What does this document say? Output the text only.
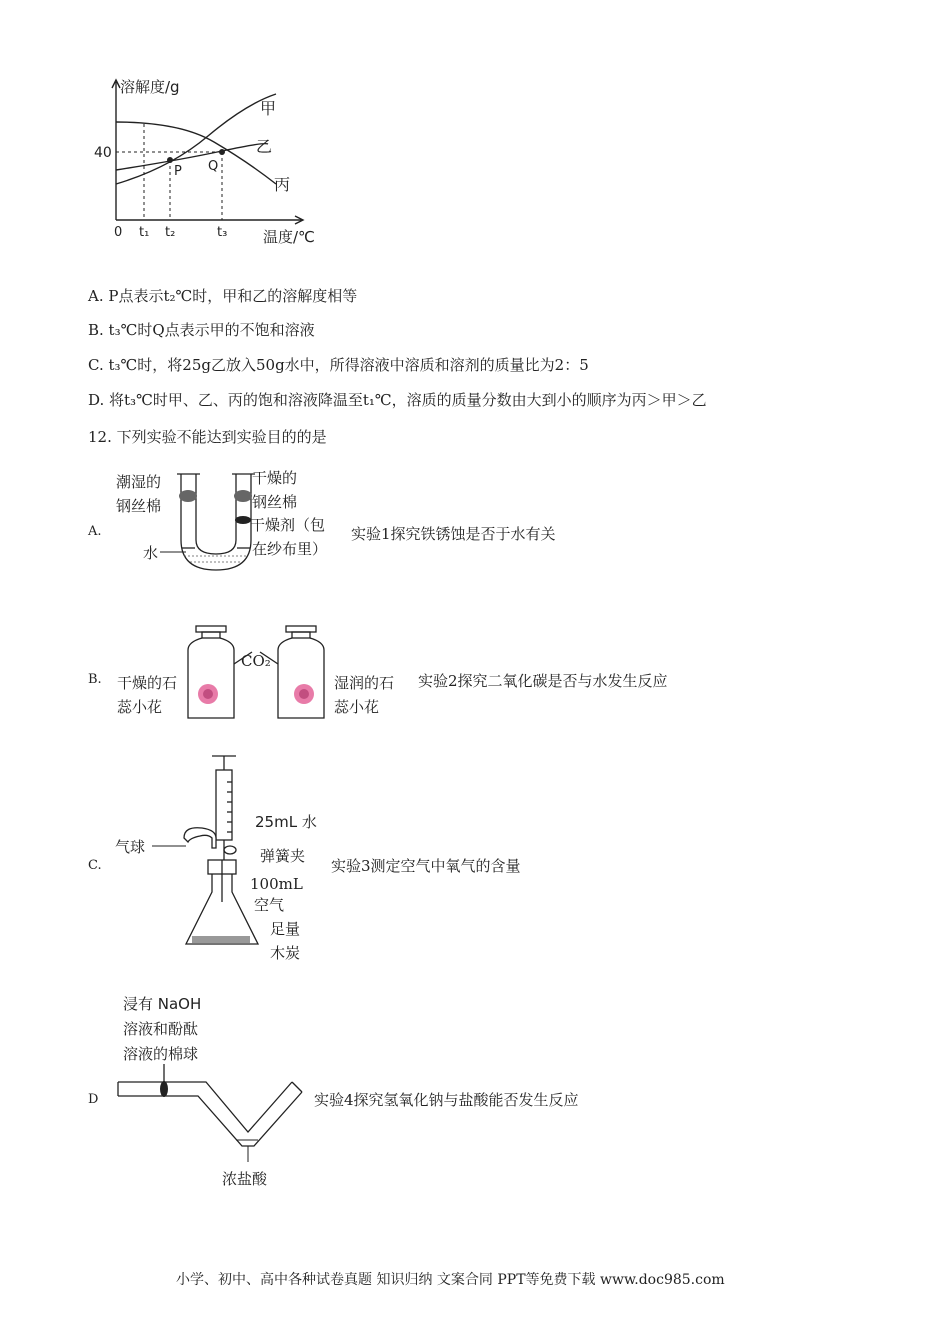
溶解度/g
温度/℃
40
0 t₁ t₂	t₃
P Q
甲
乙
丙
A. P点表示t₂℃时，甲和乙的溶解度相等
B. t₃℃时Q点表示甲的不饱和溶液
C. t₃℃时，将25g乙放入50g水中，所得溶液中溶质和溶剂的质量比为2：5
D. 将t₃℃时甲、乙、丙的饱和溶液降温至t₁℃，溶质的质量分数由大到小的顺序为丙＞甲＞乙
12. 下列实验不能达到实验目的的是
A.
潮湿的
钢丝棉
干燥的
钢丝棉
干燥剂（包
在纱布里）
水
实验1探究铁锈蚀是否于水有关
B. 干燥的石
蕊小花
CO₂
湿润的石
蕊小花
实验2探究二氧化碳是否与水发生反应
C.
25mL 水
弹簧夹
气球
100mL
空气
足量
木炭
实验3测定空气中氧气的含量
D
浸有 NaOH
溶液和酚酞
溶液的棉球
浓盐酸
实验4探究氢氧化钠与盐酸能否发生反应
小学、初中、高中各种试卷真题 知识归纳 文案合同 PPT等免费下载 www.doc985.com
